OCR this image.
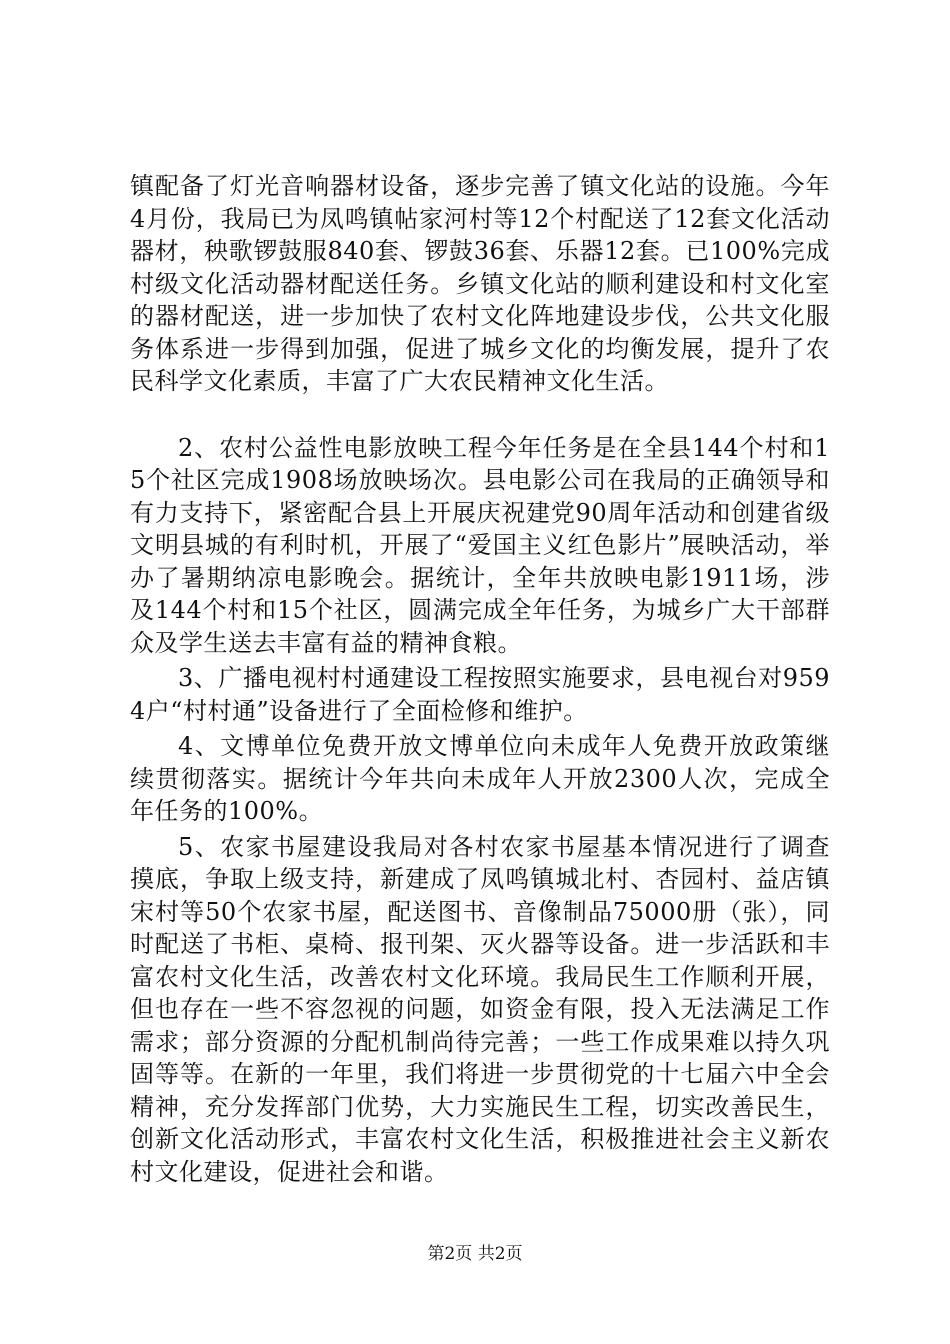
镇配备了灯光音响器材设备，逐步完善了镇文化站的设施。今年4月份，我局已为凤鸣镇帖家河村等12个村配送了12套文化活动器材，秧歌锣鼓服840套、锣鼓36套、乐器12套。已100%完成村级文化活动器材配送任务。乡镇文化站的顺利建设和村文化室的器材配送，进一步加快了农村文化阵地建设步伐，公共文化服务体系进一步得到加强，促进了城乡文化的均衡发展，提升了农民科学文化素质，丰富了广大农民精神文化生活。

2、农村公益性电影放映工程今年任务是在全县144个村和15个社区完成1908场放映场次。县电影公司在我局的正确领导和有力支持下，紧密配合县上开展庆祝建党90周年活动和创建省级文明县城的有利时机，开展了“爱国主义红色影片”展映活动，举办了暑期纳凉电影晚会。据统计，全年共放映电影1911场，涉及144个村和15个社区，圆满完成全年任务，为城乡广大干部群众及学生送去丰富有益的精神食粮。

3、广播电视村村通建设工程按照实施要求，县电视台对9594户“村村通”设备进行了全面检修和维护。

4、文博单位免费开放文博单位向未成年人免费开放政策继续贯彻落实。据统计今年共向未成年人开放2300人次，完成全年任务的100%。

5、农家书屋建设我局对各村农家书屋基本情况进行了调查摸底，争取上级支持，新建成了凤鸣镇城北村、杏园村、益店镇宋村等50个农家书屋，配送图书、音像制品75000册（张），同时配送了书柜、桌椅、报刊架、灭火器等设备。进一步活跃和丰富农村文化生活，改善农村文化环境。我局民生工作顺利开展，但也存在一些不容忽视的问题，如资金有限，投入无法满足工作需求；部分资源的分配机制尚待完善；一些工作成果难以持久巩固等等。在新的一年里，我们将进一步贯彻党的十七届六中全会精神，充分发挥部门优势，大力实施民生工程，切实改善民生，创新文化活动形式，丰富农村文化生活，积极推进社会主义新农村文化建设，促进社会和谐。

第2页 共2页
